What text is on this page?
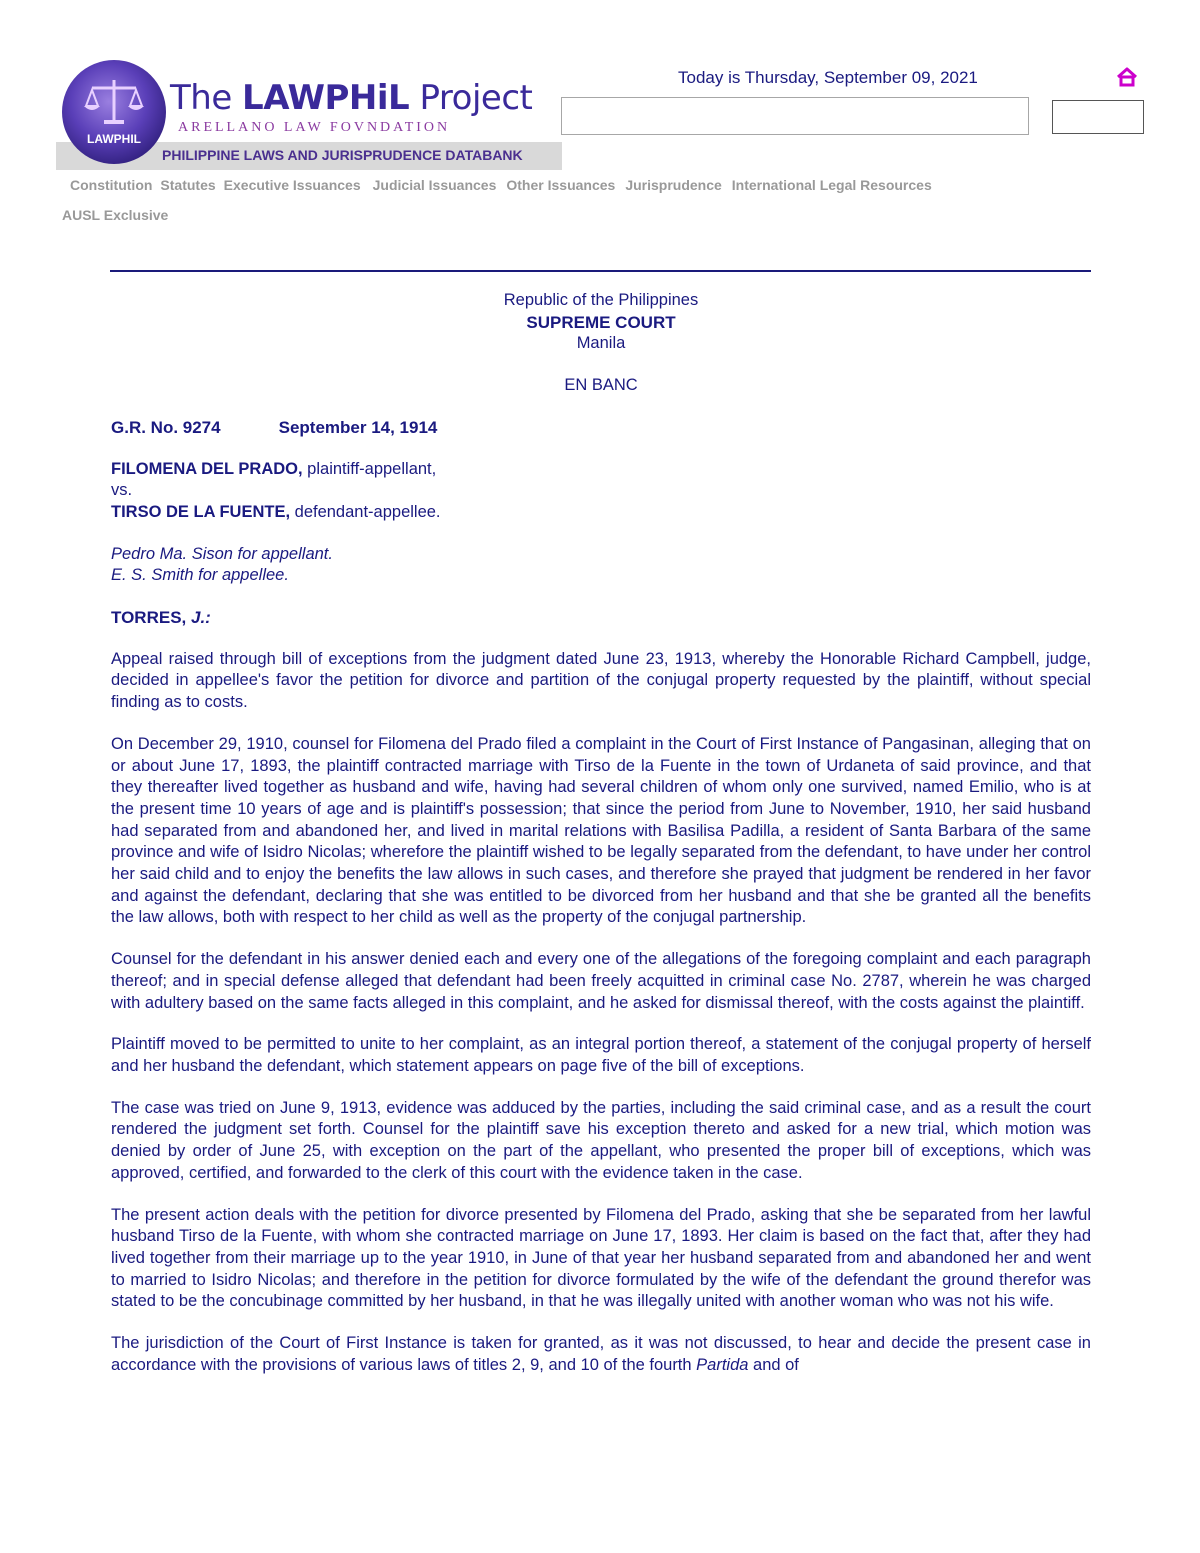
PHILIPPINE LAWS AND JURISPRUDENCE DATABANK
LAWPHIL
The LAWPHiL Project
ARELLANO LAW FOVNDATION
Today is Thursday, September 09, 2021
Constitution Statutes Executive Issuances Judicial Issuances Other Issuances Jurisprudence International Legal Resources
AUSL Exclusive
Republic of the Philippines
SUPREME COURT
Manila
EN BANC
G.R. No. 9274	September 14, 1914
FILOMENA DEL PRADO, plaintiff-appellant,
vs.
TIRSO DE LA FUENTE, defendant-appellee.
Pedro Ma. Sison for appellant.
E. S. Smith for appellee.
TORRES, J.:

Appeal raised through bill of exceptions from the judgment dated June 23, 1913, whereby the Honorable Richard Campbell, judge, decided in appellee's favor the petition for divorce and partition of the conjugal property requested by the plaintiff, without special finding as to costs.

On December 29, 1910, counsel for Filomena del Prado filed a complaint in the Court of First Instance of Pangasinan, alleging that on or about June 17, 1893, the plaintiff contracted marriage with Tirso de la Fuente in the town of Urdaneta of said province, and that they thereafter lived together as husband and wife, having had several children of whom only one survived, named Emilio, who is at the present time 10 years of age and is plaintiff's possession; that since the period from June to November, 1910, her said husband had separated from and abandoned her, and lived in marital relations with Basilisa Padilla, a resident of Santa Barbara of the same province and wife of Isidro Nicolas; wherefore the plaintiff wished to be legally separated from the defendant, to have under her control her said child and to enjoy the benefits the law allows in such cases, and therefore she prayed that judgment be rendered in her favor and against the defendant, declaring that she was entitled to be divorced from her husband and that she be granted all the benefits the law allows, both with respect to her child as well as the property of the conjugal partnership.

Counsel for the defendant in his answer denied each and every one of the allegations of the foregoing complaint and each paragraph thereof; and in special defense alleged that defendant had been freely acquitted in criminal case No. 2787, wherein he was charged with adultery based on the same facts alleged in this complaint, and he asked for dismissal thereof, with the costs against the plaintiff.

Plaintiff moved to be permitted to unite to her complaint, as an integral portion thereof, a statement of the conjugal property of herself and her husband the defendant, which statement appears on page five of the bill of exceptions.

The case was tried on June 9, 1913, evidence was adduced by the parties, including the said criminal case, and as a result the court rendered the judgment set forth. Counsel for the plaintiff save his exception thereto and asked for a new trial, which motion was denied by order of June 25, with exception on the part of the appellant, who presented the proper bill of exceptions, which was approved, certified, and forwarded to the clerk of this court with the evidence taken in the case.

The present action deals with the petition for divorce presented by Filomena del Prado, asking that she be separated from her lawful husband Tirso de la Fuente, with whom she contracted marriage on June 17, 1893. Her claim is based on the fact that, after they had lived together from their marriage up to the year 1910, in June of that year her husband separated from and abandoned her and went to married to Isidro Nicolas; and therefore in the petition for divorce formulated by the wife of the defendant the ground therefor was stated to be the concubinage committed by her husband, in that he was illegally united with another woman who was not his wife.

The jurisdiction of the Court of First Instance is taken for granted, as it was not discussed, to hear and decide the present case in accordance with the provisions of various laws of titles 2, 9, and 10 of the fourth Partida and of
